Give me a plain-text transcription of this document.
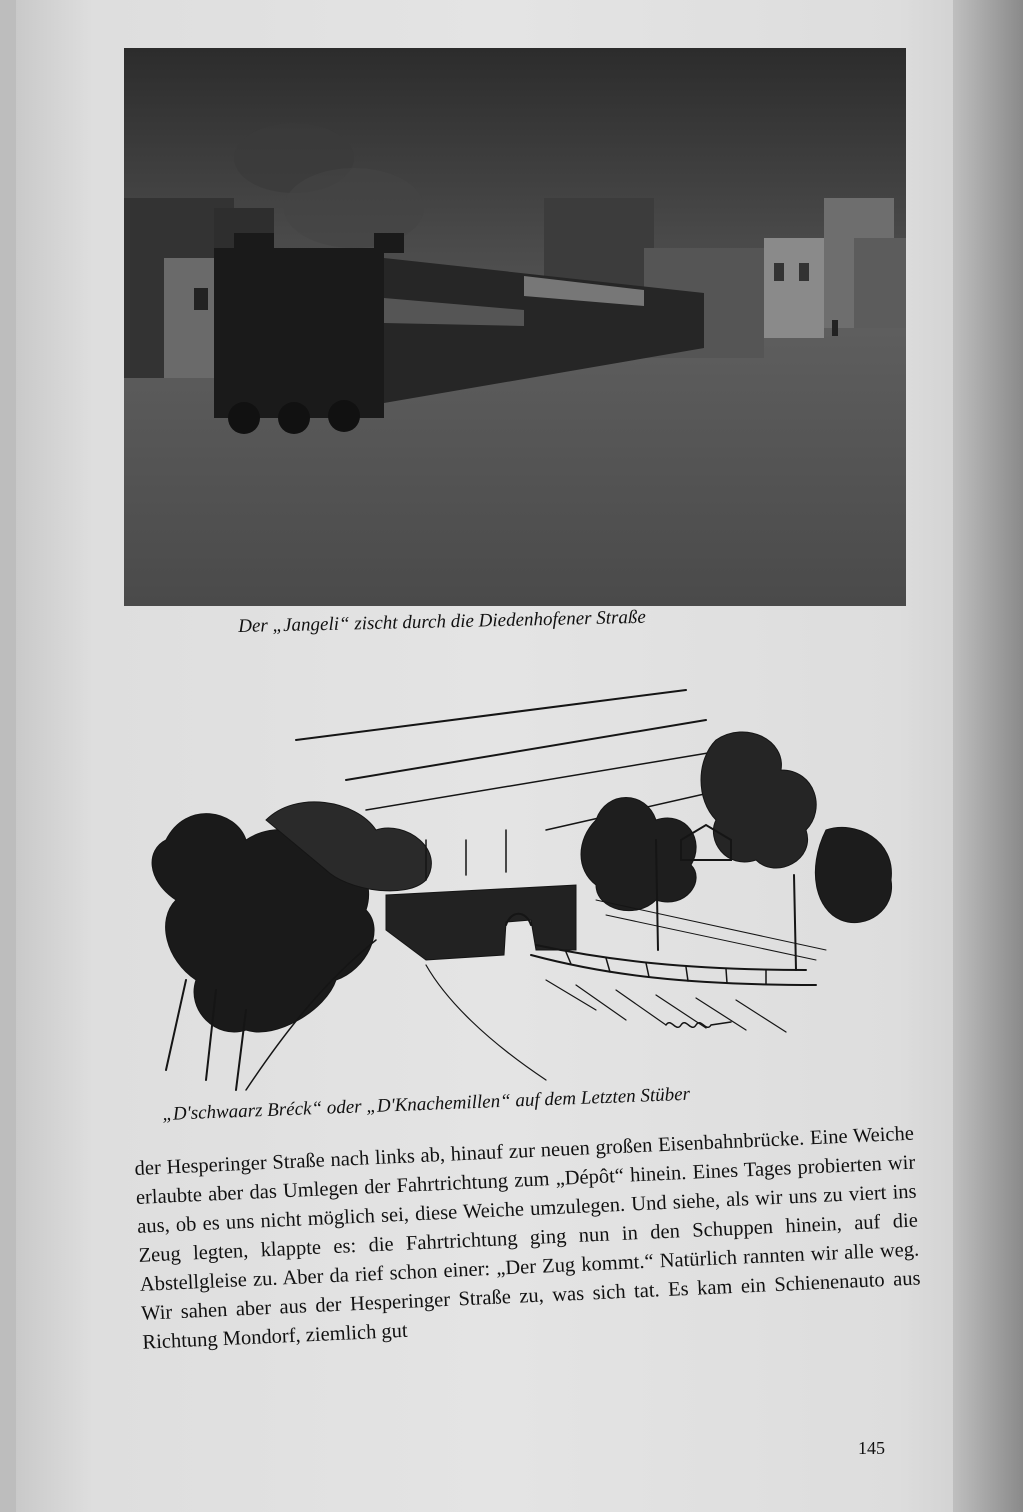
Der „Jangeli“ zischt durch die Diedenhofener Straße
„D'schwaarz Bréck“ oder „D'Knachemillen“ auf dem Letzten Stüber

der Hesperinger Straße nach links ab, hinauf zur neuen großen Eisenbahnbrücke. Eine Weiche erlaubte aber das Umlegen der Fahrtrichtung zum „Dépôt“ hinein. Eines Tages probierten wir aus, ob es uns nicht möglich sei, diese Weiche umzulegen. Und siehe, als wir uns zu viert ins Zeug legten, klappte es: die Fahrtrichtung ging nun in den Schuppen hinein, auf die Abstellgleise zu. Aber da rief schon einer: „Der Zug kommt.“ Natürlich rannten wir alle weg. Wir sahen aber aus der Hesperinger Straße zu, was sich tat. Es kam ein Schienenauto aus Richtung Mondorf, ziemlich gut

145
